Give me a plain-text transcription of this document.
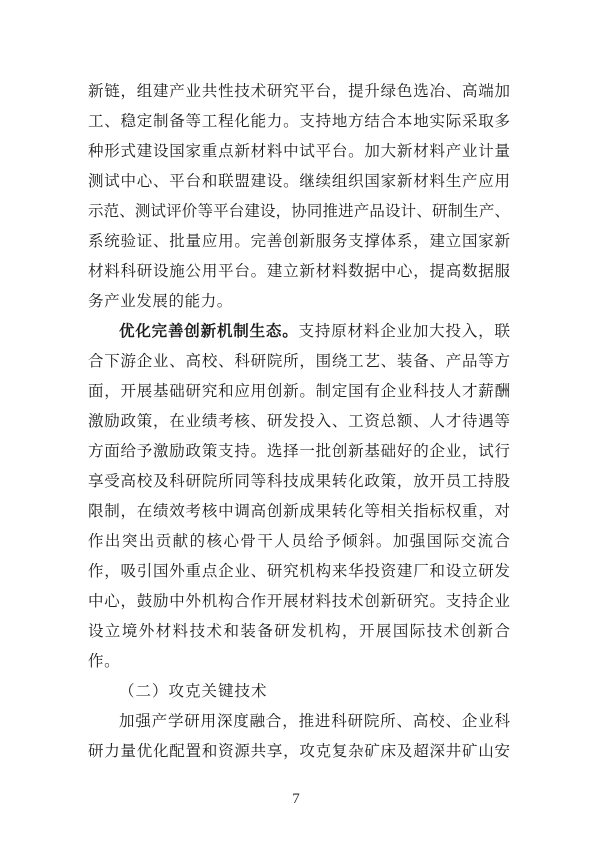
新链，组建产业共性技术研究平台，提升绿色选冶、高端加
工、稳定制备等工程化能力。支持地方结合本地实际采取多
种形式建设国家重点新材料中试平台。加大新材料产业计量
测试中心、平台和联盟建设。继续组织国家新材料生产应用
示范、测试评价等平台建设，协同推进产品设计、研制生产、
系统验证、批量应用。完善创新服务支撑体系，建立国家新
材料科研设施公用平台。建立新材料数据中心，提高数据服
务产业发展的能力。
优化完善创新机制生态。支持原材料企业加大投入，联
合下游企业、高校、科研院所，围绕工艺、装备、产品等方
面，开展基础研究和应用创新。制定国有企业科技人才薪酬
激励政策，在业绩考核、研发投入、工资总额、人才待遇等
方面给予激励政策支持。选择一批创新基础好的企业，试行
享受高校及科研院所同等科技成果转化政策，放开员工持股
限制，在绩效考核中调高创新成果转化等相关指标权重，对
作出突出贡献的核心骨干人员给予倾斜。加强国际交流合
作，吸引国外重点企业、研究机构来华投资建厂和设立研发
中心，鼓励中外机构合作开展材料技术创新研究。支持企业
设立境外材料技术和装备研发机构，开展国际技术创新合
作。
（二）攻克关键技术
加强产学研用深度融合，推进科研院所、高校、企业科
研力量优化配置和资源共享，攻克复杂矿床及超深井矿山安
7
